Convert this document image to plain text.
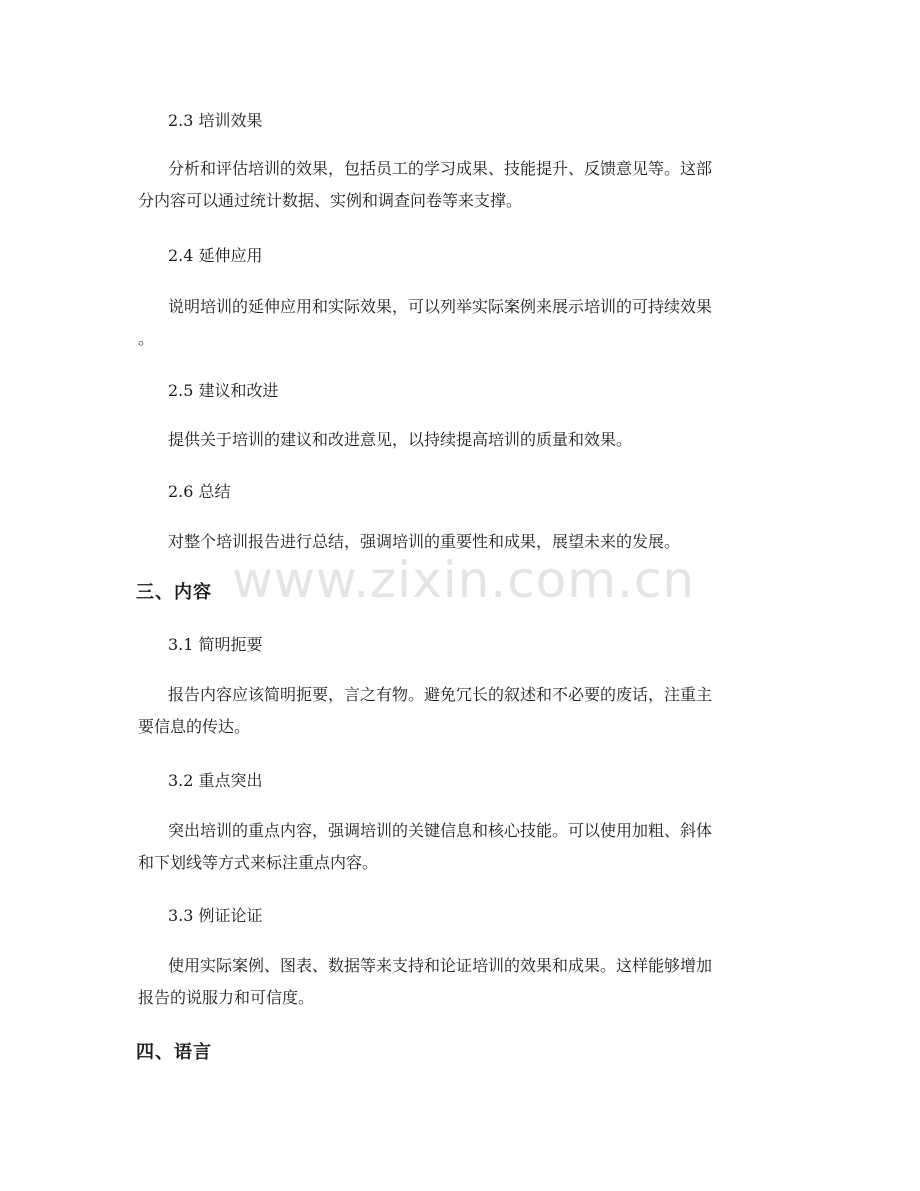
www.zixin.com.cn

2.3 培训效果

分析和评估培训的效果，包括员工的学习成果、技能提升、反馈意见等。这部
分内容可以通过统计数据、实例和调查问卷等来支撑。

2.4 延伸应用

说明培训的延伸应用和实际效果，可以列举实际案例来展示培训的可持续效果
。

2.5 建议和改进

提供关于培训的建议和改进意见，以持续提高培训的质量和效果。

2.6 总结

对整个培训报告进行总结，强调培训的重要性和成果，展望未来的发展。
三、内容

3.1 简明扼要

报告内容应该简明扼要，言之有物。避免冗长的叙述和不必要的废话，注重主
要信息的传达。

3.2 重点突出

突出培训的重点内容，强调培训的关键信息和核心技能。可以使用加粗、斜体
和下划线等方式来标注重点内容。

3.3 例证论证

使用实际案例、图表、数据等来支持和论证培训的效果和成果。这样能够增加
报告的说服力和可信度。
四、语言
